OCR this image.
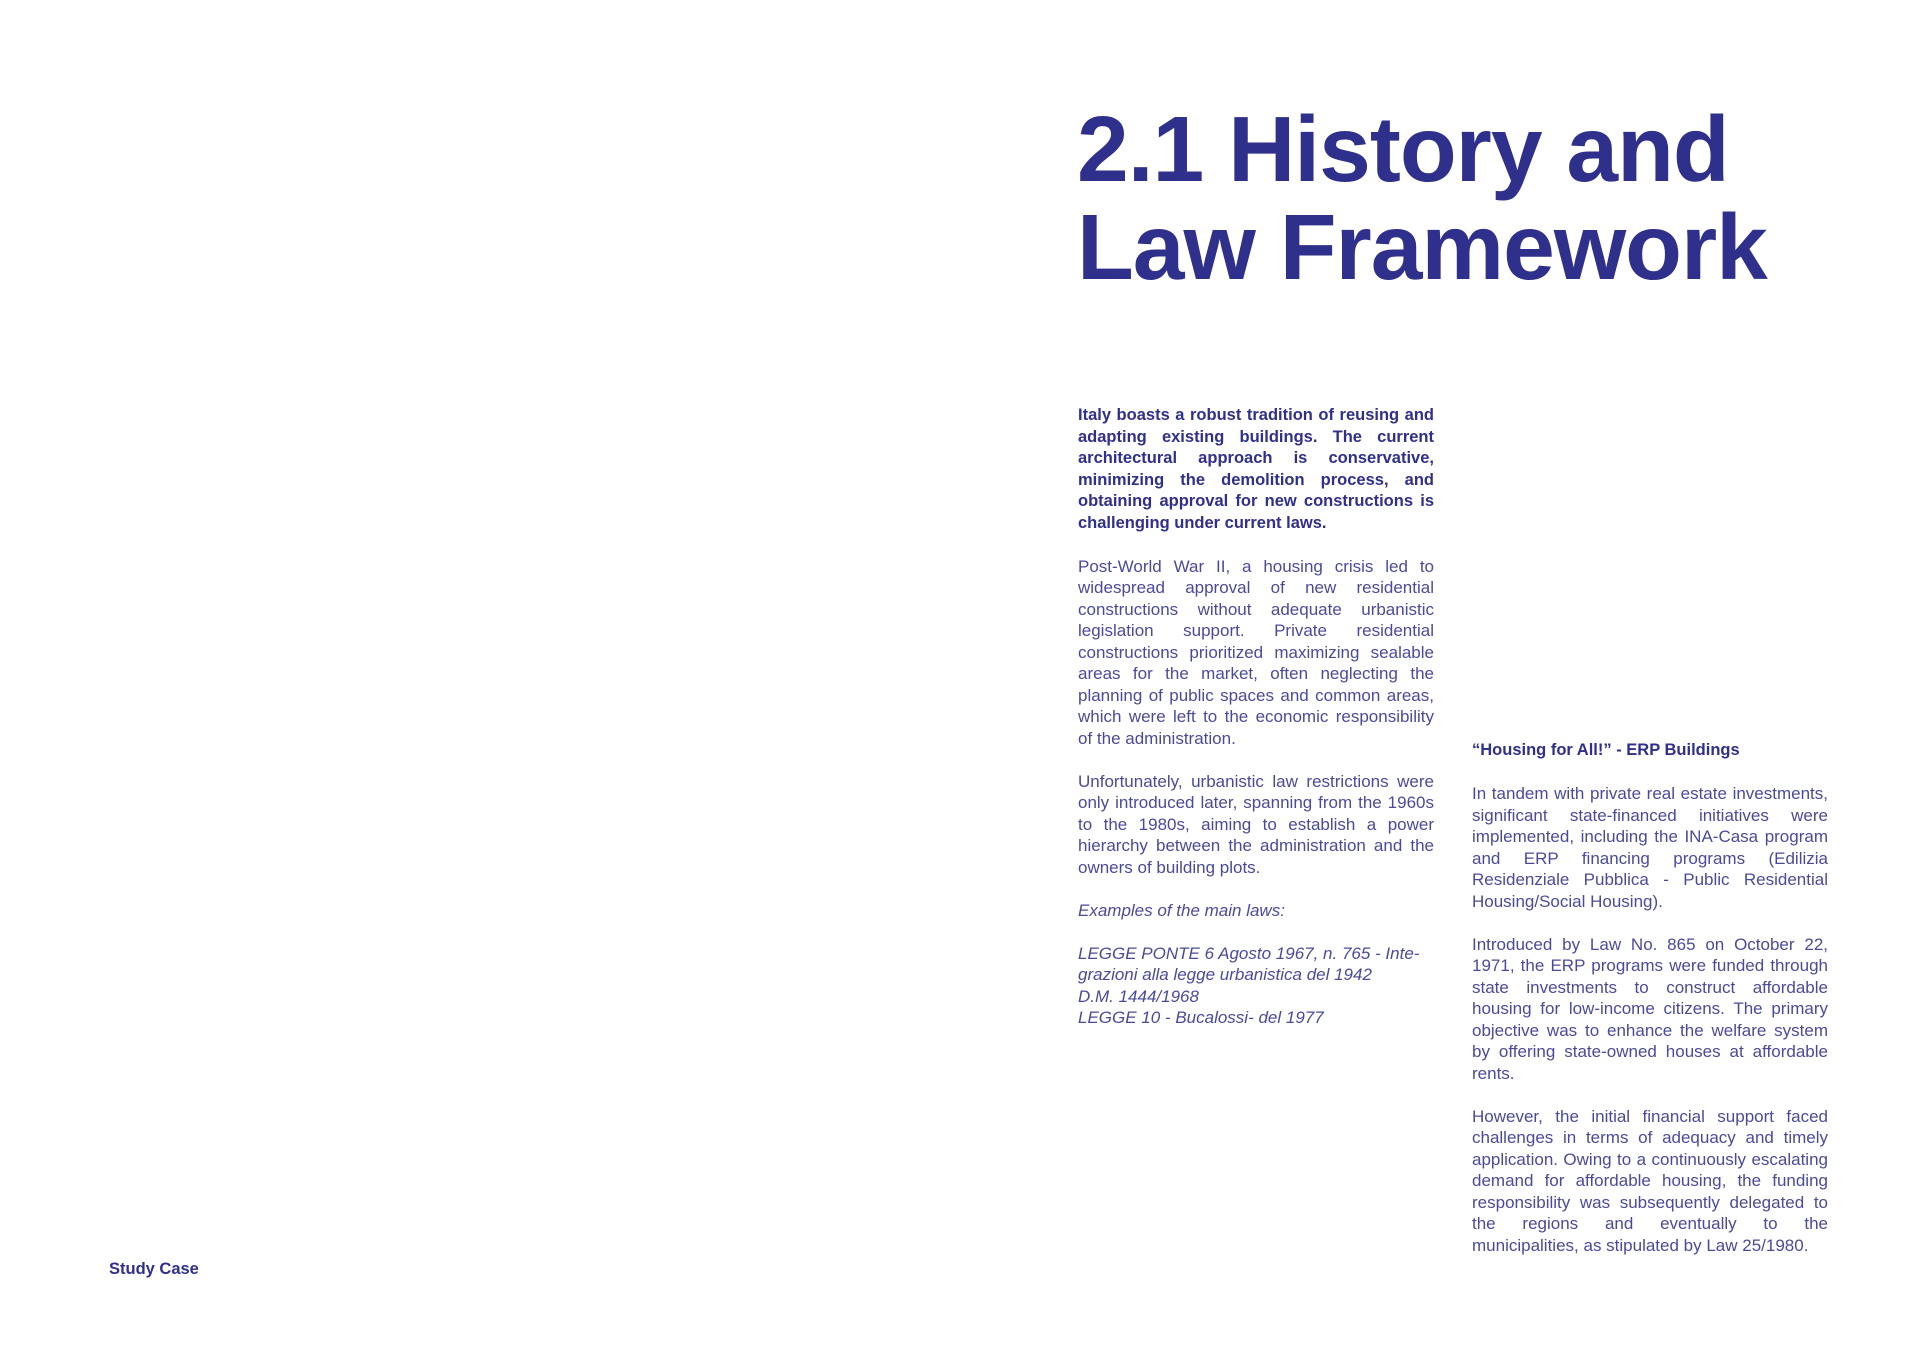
2.1 History and Law Framework

Italy boasts a robust tradition of reusing and adapting existing buildings. The current architectural approach is conservative, minimizing the demolition process, and obtaining approval for new constructions is challenging under current laws.

Post-World War II, a housing crisis led to widespread approval of new residential constructions without adequate urbanistic legislation support. Private residential constructions prioritized maximizing sealable areas for the market, often neglecting the planning of public spaces and common areas, which were left to the economic responsibility of the administration.

Unfortunately, urbanistic law restrictions were only introduced later, spanning from the 1960s to the 1980s, aiming to establish a power hierarchy between the administration and the owners of building plots.

Examples of the main laws:

LEGGE PONTE 6 Agosto 1967, n. 765 - Inte-grazioni alla legge urbanistica del 1942
D.M. 1444/1968
LEGGE 10 - Bucalossi- del 1977

“Housing for All!” - ERP Buildings

In tandem with private real estate investments, significant state-financed initiatives were implemented, including the INA-Casa program and ERP financing programs (Edilizia Residenziale Pubblica - Public Residential Housing/Social Housing).

Introduced by Law No. 865 on October 22, 1971, the ERP programs were funded through state investments to construct affordable housing for low-income citizens. The primary objective was to enhance the welfare system by offering state-owned houses at affordable rents.

However, the initial financial support faced challenges in terms of adequacy and timely application. Owing to a continuously escalating demand for affordable housing, the funding responsibility was subsequently delegated to the regions and eventually to the municipalities, as stipulated by Law 25/1980.

Study Case
